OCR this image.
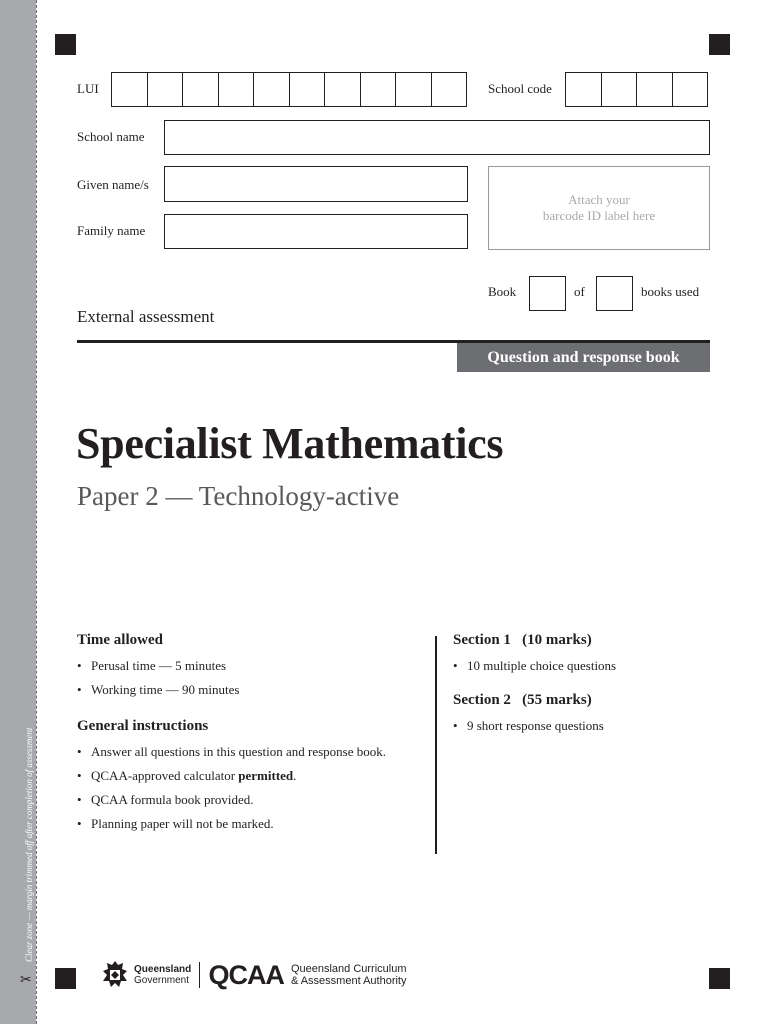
Clear zone — margin trimmed off after completion of assessment
✂
LUI	School code
School name
Given name/s
Family name
Attach your
barcode ID label here
Book	of	books used
External assessment
Question and response book
Specialist Mathematics
Paper 2 — Technology-active
Time allowed
• Perusal time — 5 minutes
• Working time — 90 minutes
General instructions
• Answer all questions in this question and response book.
• QCAA-approved calculator permitted.
• QCAA formula book provided.
• Planning paper will not be marked.
Section 1   (10 marks)
• 10 multiple choice questions
Section 2   (55 marks)
• 9 short response questions
Queensland
Government QCAA Queensland Curriculum
& Assessment Authority
